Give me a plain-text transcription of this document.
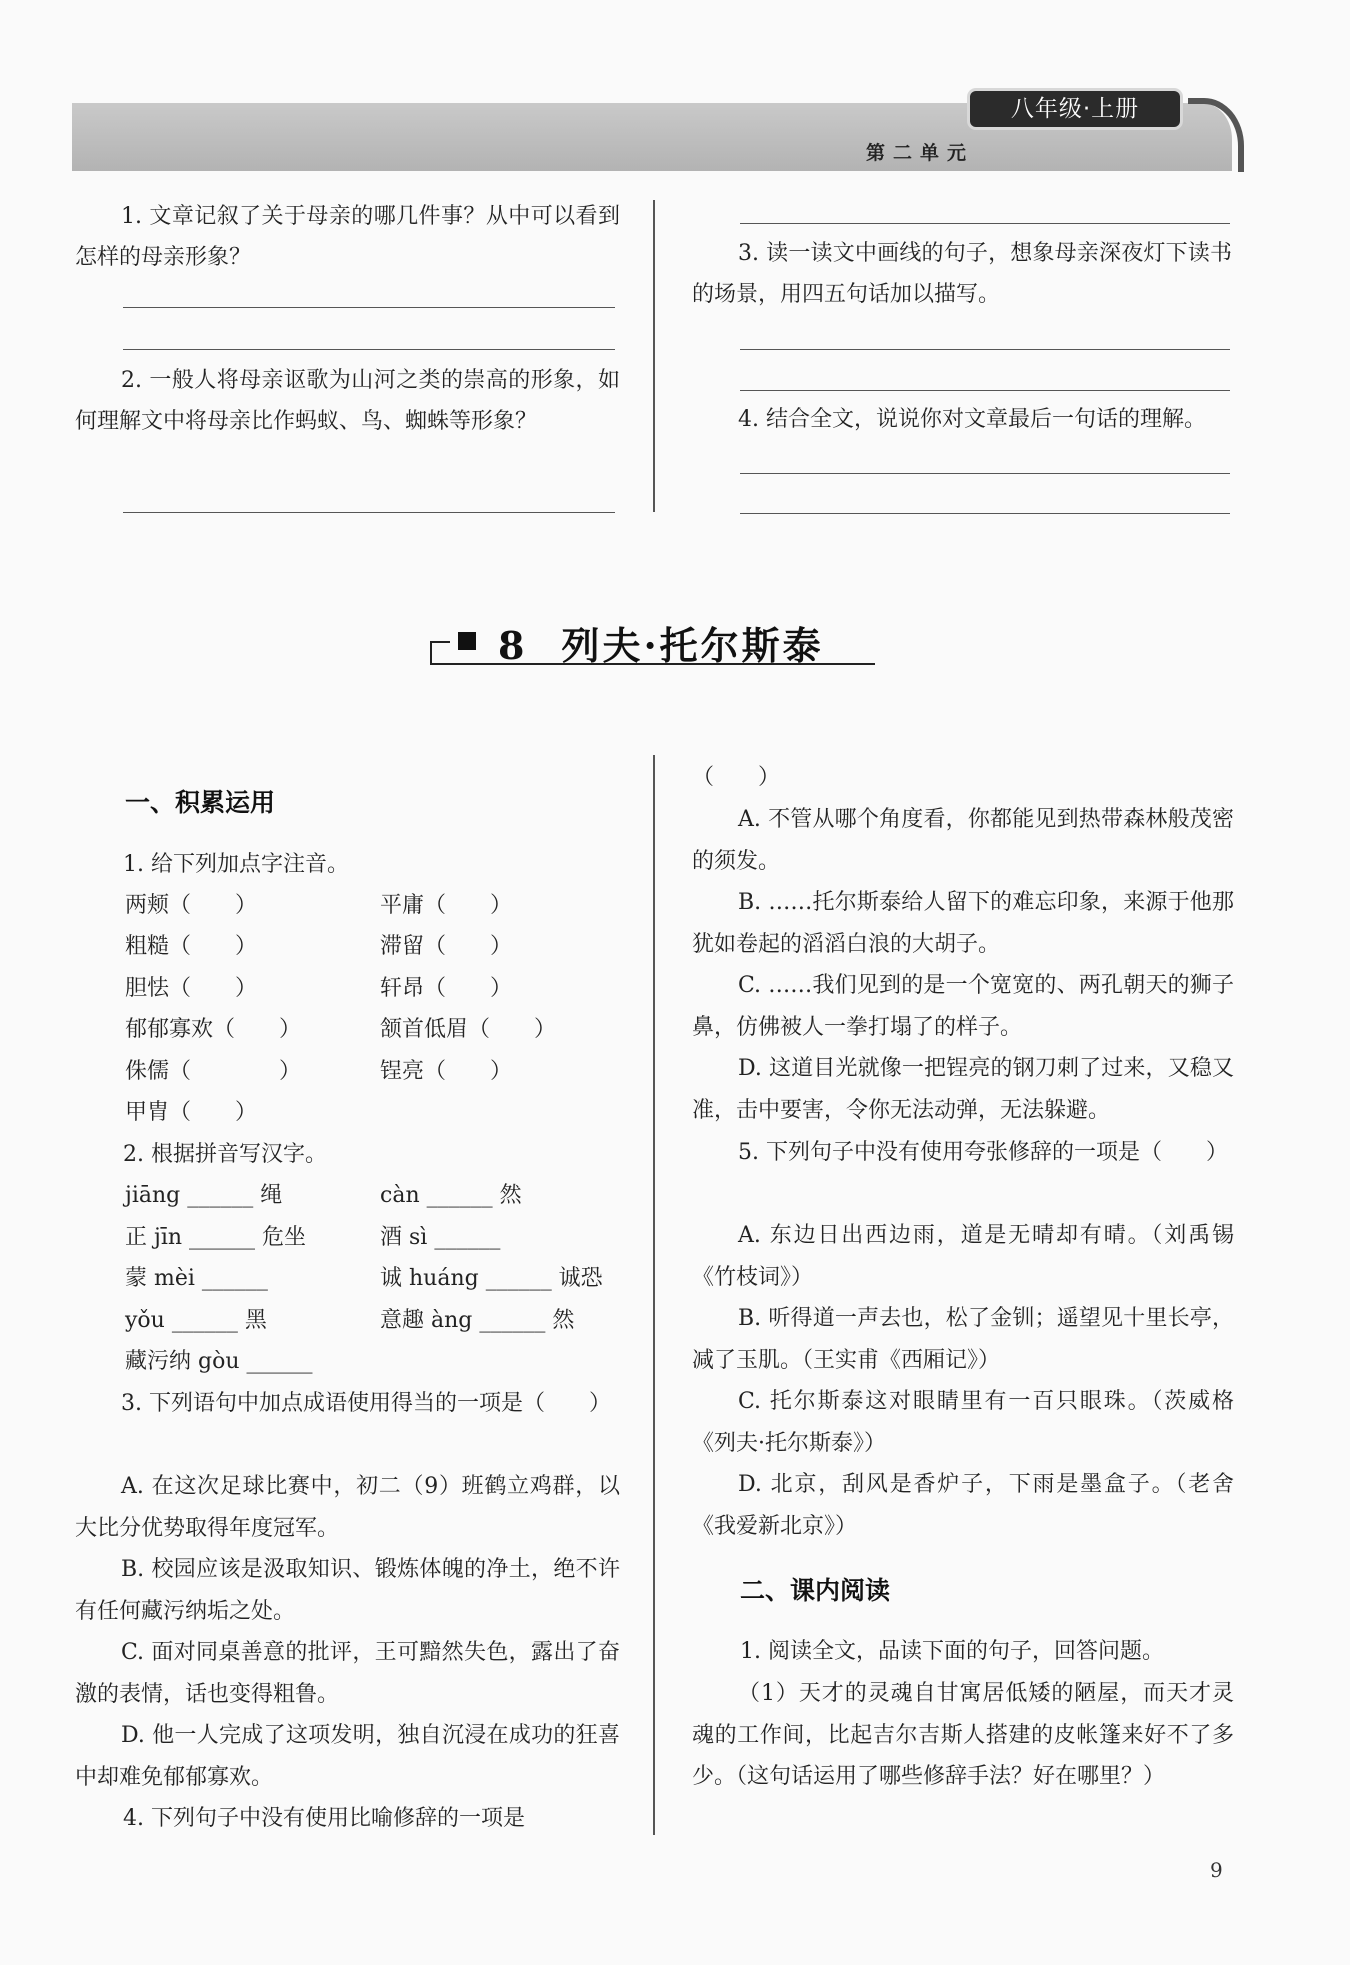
八年级·上册
第二单元
1. 文章记叙了关于母亲的哪几件事？从中可以看到怎样的母亲形象？
2. 一般人将母亲讴歌为山河之类的崇高的形象，如何理解文中将母亲比作蚂蚁、鸟、蜘蛛等形象？
3. 读一读文中画线的句子，想象母亲深夜灯下读书的场景，用四五句话加以描写。
4. 结合全文，说说你对文章最后一句话的理解。
8 列夫·托尔斯泰
一、积累运用
1. 给下列加点字注音。
两颊（　　）	平庸（　　）
粗糙（　　）	滞留（　　）
胆怯（　　）	轩昂（　　）
郁郁寡欢（　　）	颔首低眉（　　）
侏儒（　　　　）	锃亮（　　）
甲胄（　　）
2. 根据拼音写汉字。
jiāng ______ 绳	càn ______ 然
正 jīn ______ 危坐	酒 sì ______
蒙 mèi ______	诚 huáng ______ 诚恐
yǒu ______ 黑	意趣 àng ______ 然
藏污纳 gòu ______
3. 下列语句中加点成语使用得当的一项是（　　）
A. 在这次足球比赛中，初二（9）班鹤立鸡群，以大比分优势取得年度冠军。
B. 校园应该是汲取知识、锻炼体魄的净土，绝不许有任何藏污纳垢之处。
C. 面对同桌善意的批评，王可黯然失色，露出了奋激的表情，话也变得粗鲁。
D. 他一人完成了这项发明，独自沉浸在成功的狂喜中却难免郁郁寡欢。
4. 下列句子中没有使用比喻修辞的一项是
（　　）
A. 不管从哪个角度看，你都能见到热带森林般茂密的须发。
B. ……托尔斯泰给人留下的难忘印象，来源于他那犹如卷起的滔滔白浪的大胡子。
C. ……我们见到的是一个宽宽的、两孔朝天的狮子鼻，仿佛被人一拳打塌了的样子。
D. 这道目光就像一把锃亮的钢刀刺了过来，又稳又准，击中要害，令你无法动弹，无法躲避。
5. 下列句子中没有使用夸张修辞的一项是（　　）
A. 东边日出西边雨，道是无晴却有晴。（刘禹锡《竹枝词》）
B. 听得道一声去也，松了金钏；遥望见十里长亭，减了玉肌。（王实甫《西厢记》）
C. 托尔斯泰这对眼睛里有一百只眼珠。（茨威格《列夫·托尔斯泰》）
D. 北京，刮风是香炉子，下雨是墨盒子。（老舍《我爱新北京》）
二、课内阅读
1. 阅读全文，品读下面的句子，回答问题。
（1）天才的灵魂自甘寓居低矮的陋屋，而天才灵魂的工作间，比起吉尔吉斯人搭建的皮帐篷来好不了多少。（这句话运用了哪些修辞手法？好在哪里？）
9
